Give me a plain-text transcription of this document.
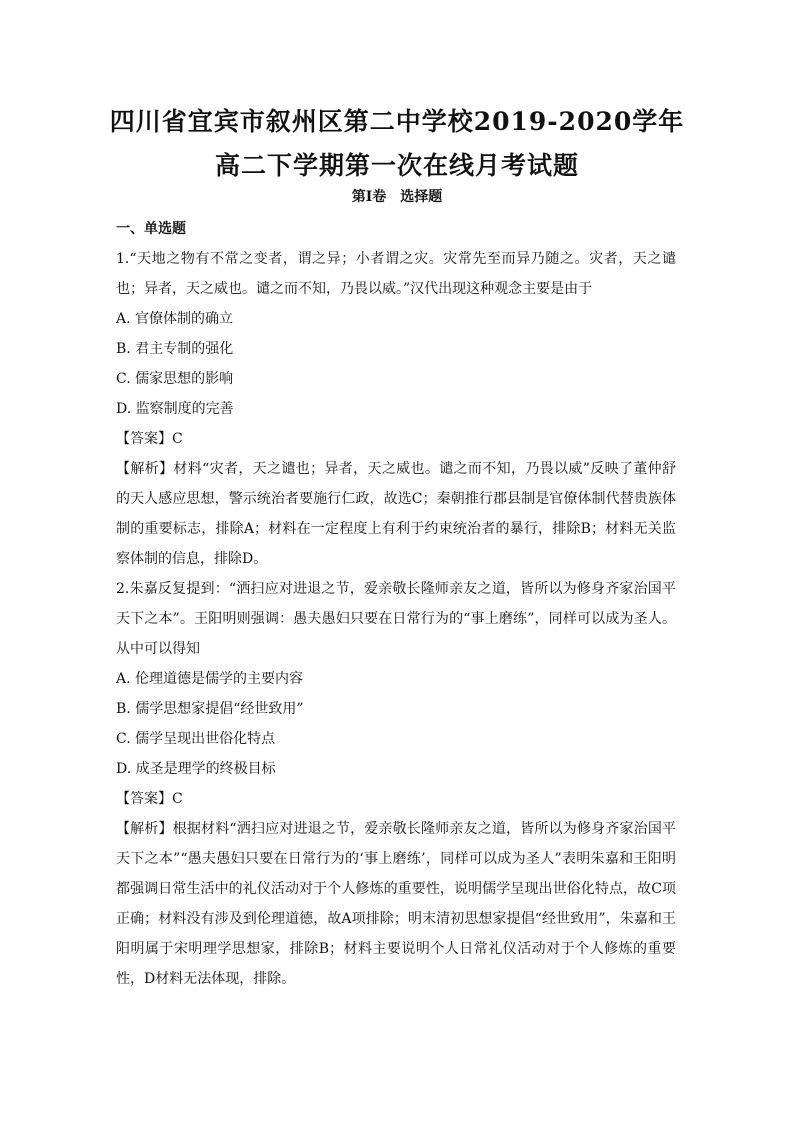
四川省宜宾市叙州区第二中学校2019-2020学年
高二下学期第一次在线月考试题
第Ⅰ卷　选择题

一、单选题

1.“天地之物有不常之变者，谓之异；小者谓之灾。灾常先至而异乃随之。灾者，天之谴也；异者，天之威也。谴之而不知，乃畏以威。”汉代出现这种观念主要是由于

A. 官僚体制的确立

B. 君主专制的强化

C. 儒家思想的影响

D. 监察制度的完善

【答案】C

【解析】材料“灾者，天之谴也；异者，天之威也。谴之而不知，乃畏以威”反映了董仲舒的天人感应思想，警示统治者要施行仁政，故选C；秦朝推行郡县制是官僚体制代替贵族体制的重要标志，排除A；材料在一定程度上有利于约束统治者的暴行，排除B；材料无关监察体制的信息，排除D。

2.朱嘉反复提到：“洒扫应对进退之节，爱亲敬长隆师亲友之道，皆所以为修身齐家治国平天下之本”。王阳明则强调：愚夫愚妇只要在日常行为的“事上磨练”，同样可以成为圣人。从中可以得知

A. 伦理道德是儒学的主要内容

B. 儒学思想家提倡“经世致用”

C. 儒学呈现出世俗化特点

D. 成圣是理学的终极目标

【答案】C

【解析】根据材料“洒扫应对进退之节，爱亲敬长隆师亲友之道，皆所以为修身齐家治国平天下之本”“愚夫愚妇只要在日常行为的‘事上磨练’，同样可以成为圣人”表明朱嘉和王阳明都强调日常生活中的礼仪活动对于个人修炼的重要性，说明儒学呈现出世俗化特点，故C项正确；材料没有涉及到伦理道德，故A项排除；明末清初思想家提倡“经世致用”，朱嘉和王阳明属于宋明理学思想家，排除B；材料主要说明个人日常礼仪活动对于个人修炼的重要性，D材料无法体现，排除。
